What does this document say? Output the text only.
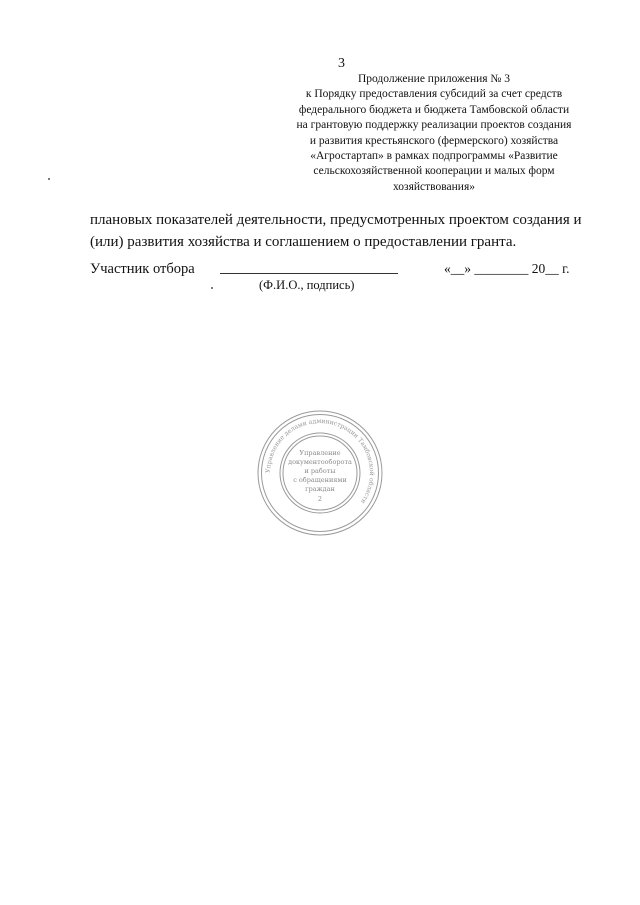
3
Продолжение приложения № 3
к Порядку предоставления субсидий за счет средств
федерального бюджета и бюджета Тамбовской области
на грантовую поддержку реализации проектов создания
и развития крестьянского (фермерского) хозяйства
«Агростартап» в рамках подпрограммы «Развитие
сельскохозяйственной кооперации и малых форм
хозяйствования»
плановых показателей деятельности, предусмотренных проектом создания и
(или) развития хозяйства и соглашением о предоставлении гранта.
Участник отбора	«__» ________ 20__ г.
(Ф.И.О., подпись)
Управление делами администрации Тамбовской области
Управление
документооборота
и работы
с обращениями
граждан
2
